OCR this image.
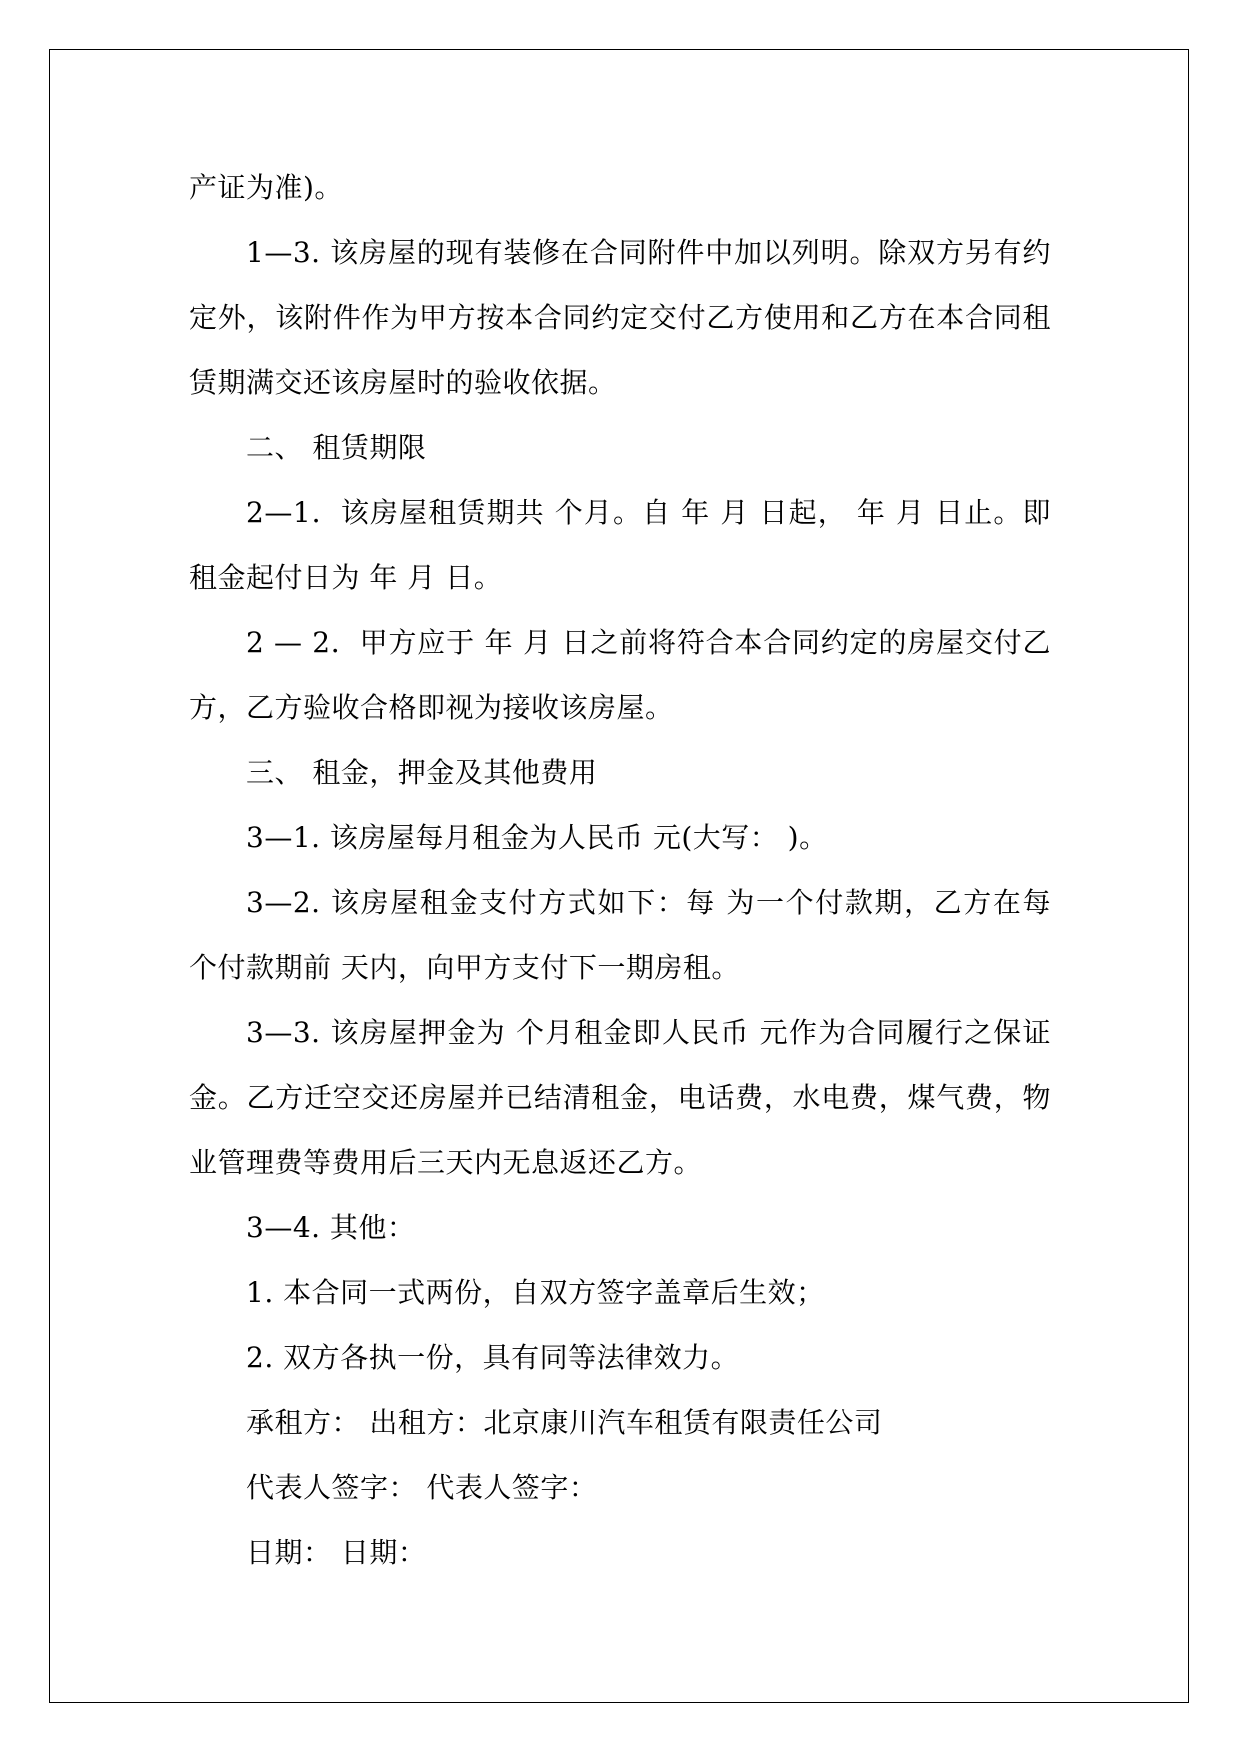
产证为准)。

1—3. 该房屋的现有装修在合同附件中加以列明。除双方另有约定外，该附件作为甲方按本合同约定交付乙方使用和乙方在本合同租赁期满交还该房屋时的验收依据。

二、 租赁期限

2—1．该房屋租赁期共 个月。自 年 月 日起， 年 月 日止。即租金起付日为 年 月 日。

2 — 2．甲方应于 年 月 日之前将符合本合同约定的房屋交付乙方，乙方验收合格即视为接收该房屋。

三、 租金，押金及其他费用

3—1. 该房屋每月租金为人民币 元(大写： )。

3—2. 该房屋租金支付方式如下：每 为一个付款期，乙方在每个付款期前 天内，向甲方支付下一期房租。

3—3. 该房屋押金为 个月租金即人民币 元作为合同履行之保证金。乙方迁空交还房屋并已结清租金，电话费，水电费，煤气费，物业管理费等费用后三天内无息返还乙方。

3—4. 其他：

1. 本合同一式两份，自双方签字盖章后生效；

2. 双方各执一份，具有同等法律效力。

承租方： 出租方：北京康川汽车租赁有限责任公司

代表人签字： 代表人签字：

日期： 日期：
